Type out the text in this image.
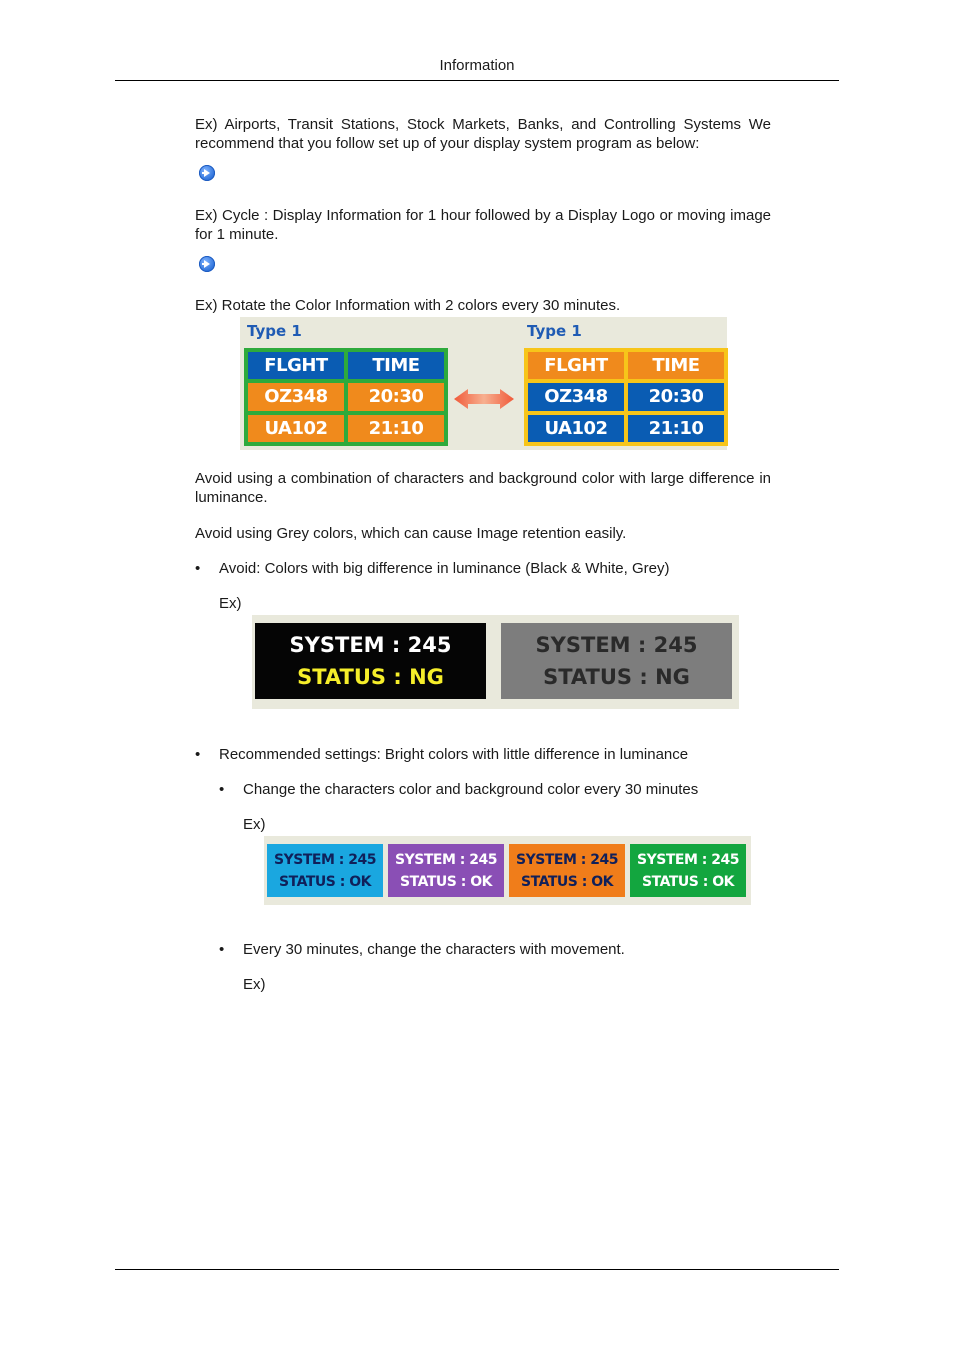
Information
Ex) Airports, Transit Stations, Stock Markets, Banks, and Controlling Systems We recommend that you follow set up of your display system program as below:
Ex) Cycle : Display Information for 1 hour followed by a Display Logo or moving image for 1 minute.
Ex) Rotate the Color Information with 2 colors every 30 minutes.
Type 1	Type 1
FLGHT	TIME
OZ348	20:30
UA102	21:10
FLGHT	TIME
OZ348	20:30
UA102	21:10
Avoid using a combination of characters and background color with large difference in luminance.
Avoid using Grey colors, which can cause Image retention easily.
• Avoid: Colors with big difference in luminance (Black & White, Grey)
Ex)
SYSTEM : 245
STATUS : NG
SYSTEM : 245
STATUS : NG
• Recommended settings: Bright colors with little difference in luminance
• Change the characters color and background color every 30 minutes
Ex)
SYSTEM : 245
STATUS : OK
SYSTEM : 245
STATUS : OK
SYSTEM : 245
STATUS : OK
SYSTEM : 245
STATUS : OK
• Every 30 minutes, change the characters with movement.
Ex)
